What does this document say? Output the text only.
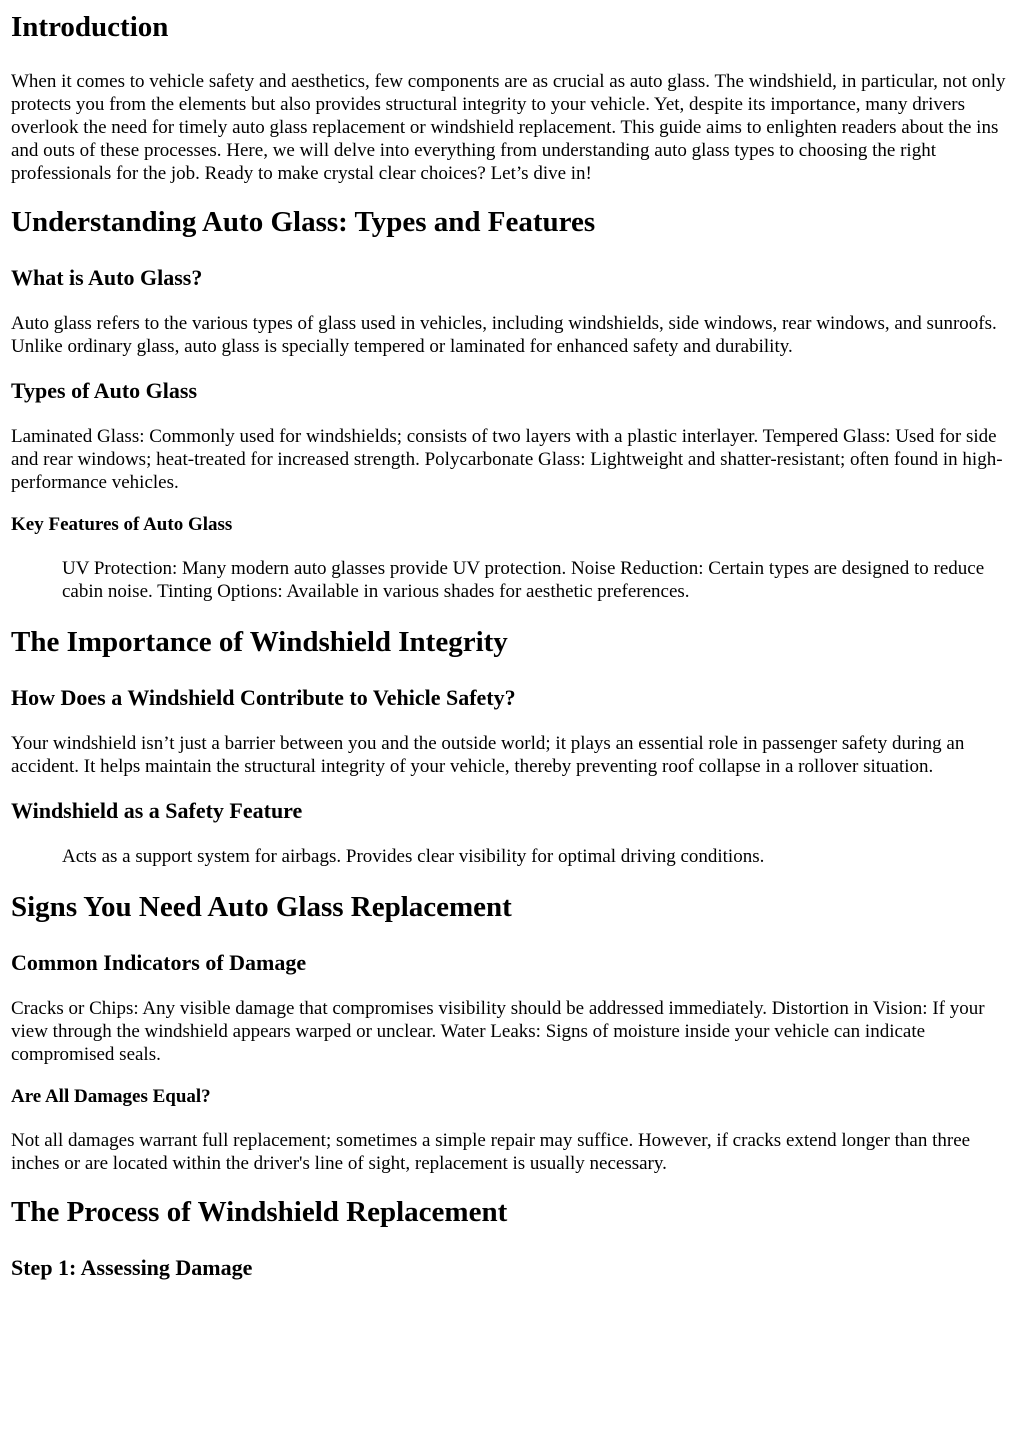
Introduction

When it comes to vehicle safety and aesthetics, few components are as crucial as auto glass. The windshield, in particular, not only protects you from the elements but also provides structural integrity to your vehicle. Yet, despite its importance, many drivers overlook the need for timely auto glass replacement or windshield replacement. This guide aims to enlighten readers about the ins and outs of these processes. Here, we will delve into everything from understanding auto glass types to choosing the right professionals for the job. Ready to make crystal clear choices? Let’s dive in!

Understanding Auto Glass: Types and Features
What is Auto Glass?

Auto glass refers to the various types of glass used in vehicles, including windshields, side windows, rear windows, and sunroofs. Unlike ordinary glass, auto glass is specially tempered or laminated for enhanced safety and durability.

Types of Auto Glass

Laminated Glass: Commonly used for windshields; consists of two layers with a plastic interlayer. Tempered Glass: Used for side and rear windows; heat-treated for increased strength. Polycarbonate Glass: Lightweight and shatter-resistant; often found in high-performance vehicles.

Key Features of Auto Glass
UV Protection: Many modern auto glasses provide UV protection. Noise Reduction: Certain types are designed to reduce cabin noise. Tinting Options: Available in various shades for aesthetic preferences.
The Importance of Windshield Integrity
How Does a Windshield Contribute to Vehicle Safety?

Your windshield isn’t just a barrier between you and the outside world; it plays an essential role in passenger safety during an accident. It helps maintain the structural integrity of your vehicle, thereby preventing roof collapse in a rollover situation.

Windshield as a Safety Feature
Acts as a support system for airbags. Provides clear visibility for optimal driving conditions.
Signs You Need Auto Glass Replacement
Common Indicators of Damage

Cracks or Chips: Any visible damage that compromises visibility should be addressed immediately. Distortion in Vision: If your view through the windshield appears warped or unclear. Water Leaks: Signs of moisture inside your vehicle can indicate compromised seals.

Are All Damages Equal?

Not all damages warrant full replacement; sometimes a simple repair may suffice. However, if cracks extend longer than three inches or are located within the driver's line of sight, replacement is usually necessary.

The Process of Windshield Replacement
Step 1: Assessing Damage
